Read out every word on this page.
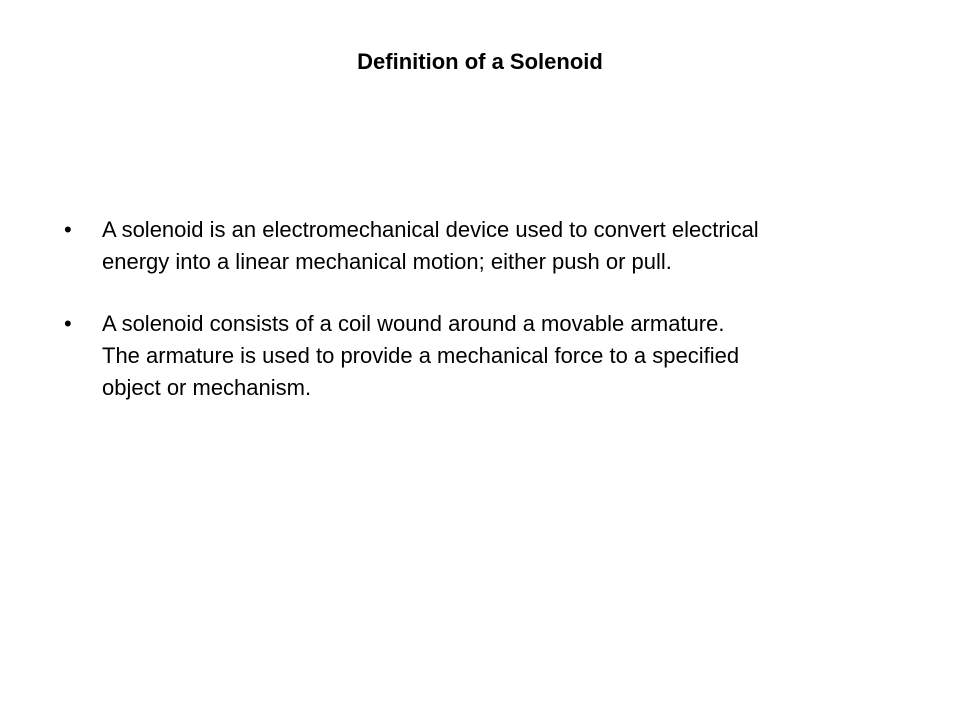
Definition of a Solenoid
•	A solenoid is an electromechanical device used to convert electrical
energy into a linear mechanical motion; either push or pull.
•	A solenoid consists of a coil wound around a movable armature.
The armature is used to provide a mechanical force to a specified
object or mechanism.
